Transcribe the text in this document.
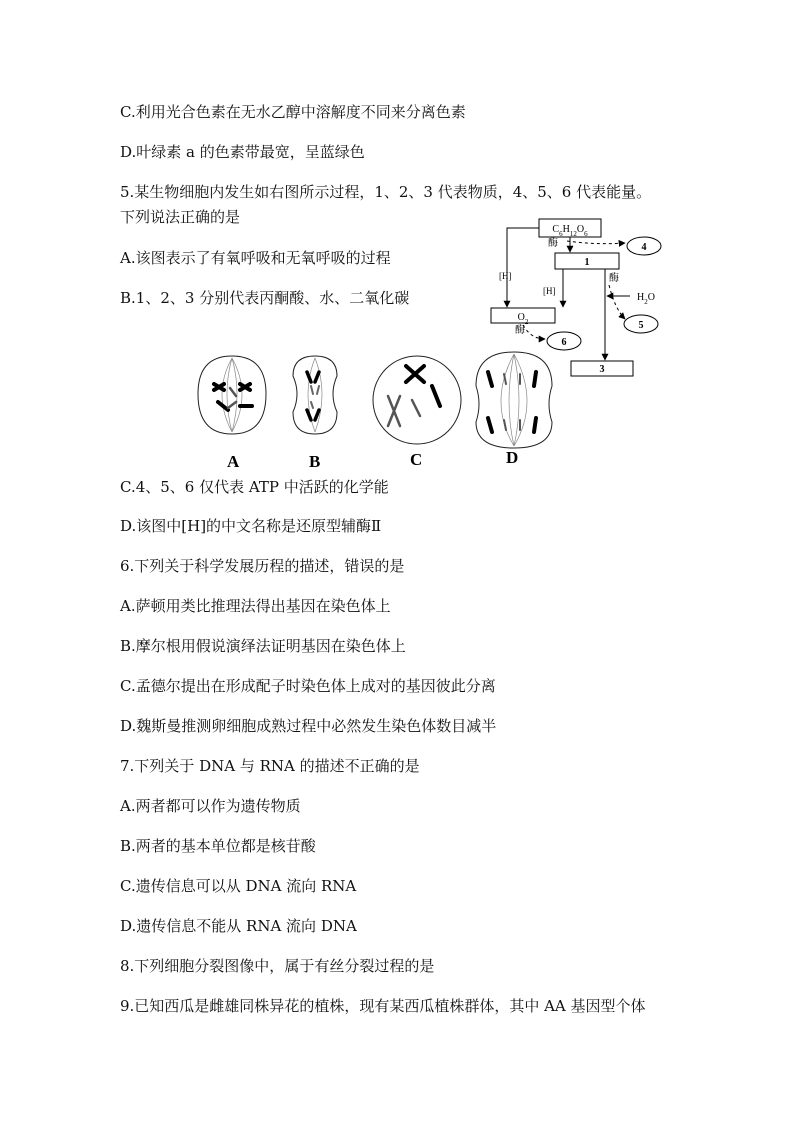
C.利用光合色素在无水乙醇中溶解度不同来分离色素
D.叶绿素 a 的色素带最宽，呈蓝绿色
5.某生物细胞内发生如右图所示过程，1、2、3 代表物质，4、5、6 代表能量。
下列说法正确的是
A.该图表示了有氧呼吸和无氧呼吸的过程
B.1、2、3 分别代表丙酮酸、水、二氧化碳
C.4、5、6 仅代表 ATP 中活跃的化学能
D.该图中[H]的中文名称是还原型辅酶Ⅱ
6.下列关于科学发展历程的描述，错误的是
A.萨顿用类比推理法得出基因在染色体上
B.摩尔根用假说演绎法证明基因在染色体上
C.孟德尔提出在形成配子时染色体上成对的基因彼此分离
D.魏斯曼推测卵细胞成熟过程中必然发生染色体数目减半
7.下列关于 DNA 与 RNA 的描述不正确的是
A.两者都可以作为遗传物质
B.两者的基本单位都是核苷酸
C.遗传信息可以从 DNA 流向 RNA
D.遗传信息不能从 RNA 流向 DNA
8.下列细胞分裂图像中，属于有丝分裂过程的是
9.已知西瓜是雌雄同株异花的植株，现有某西瓜植株群体，其中 AA 基因型个体
$C_6H_{12}O_6$
酶
1
酶
[H]
[H]
$H_2O$
$O_2$
酶
3
4
5
6
A	B	C	D
